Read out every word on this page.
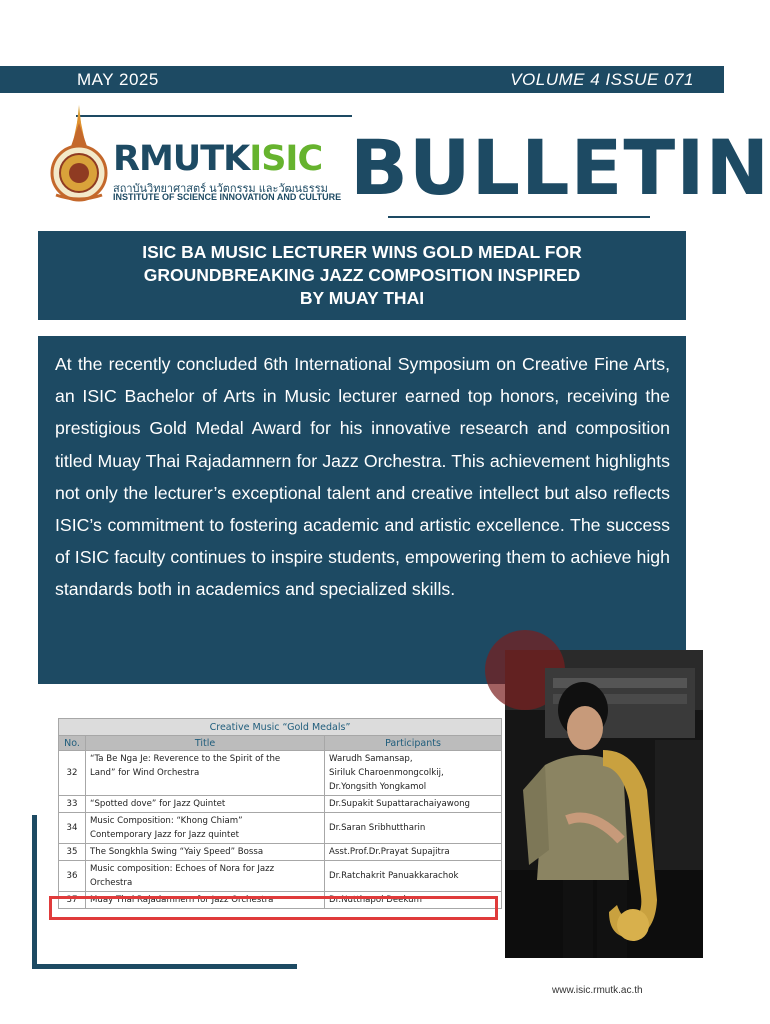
MAY 2025	VOLUME 4 ISSUE 071
RMUTKISIC
สถาบันวิทยาศาสตร์ นวัตกรรม และวัฒนธรรม
INSTITUTE OF SCIENCE INNOVATION AND CULTURE BULLETIN
ISIC BA MUSIC LECTURER WINS GOLD MEDAL FOR
GROUNDBREAKING JAZZ COMPOSITION INSPIRED
BY MUAY THAI

At the recently concluded 6th International Symposium on Creative Fine Arts, an ISIC Bachelor of Arts in Music lecturer earned top honors, receiving the prestigious Gold Medal Award for his innovative research and composition titled Muay Thai Rajadamnern for Jazz Orchestra. This achievement highlights not only the lecturer’s exceptional talent and creative intellect but also reflects ISIC’s commitment to fostering academic and artistic excellence. The success of ISIC faculty continues to inspire students, empowering them to achieve high standards both in academics and specialized skills.

Creative Music “Gold Medals”		
No.	Title	Participants
32	“Ta Be Nga Je: Reverence to the Spirit of the
Land” for Wind Orchestra	Warudh Samansap,
Siriluk Charoenmongcolkij,
Dr.Yongsith Yongkamol

33	“Spotted dove” for Jazz Quintet	Dr.Supakit Supattarachaiyawong

34	Music Composition: “Khong Chiam”
Contemporary Jazz for Jazz quintet	Dr.Saran Sribhuttharin

35	The Songkhla Swing “Yaiy Speed” Bossa	Asst.Prof.Dr.Prayat Supajitra

36	Music composition: Echoes of Nora for Jazz
Orchestra	Dr.Ratchakrit Panuakkarachok

37	Muay Thai Rajadamnern for Jazz Orchestra	Dr.Nutthapol Deekum
www.isic.rmutk.ac.th
